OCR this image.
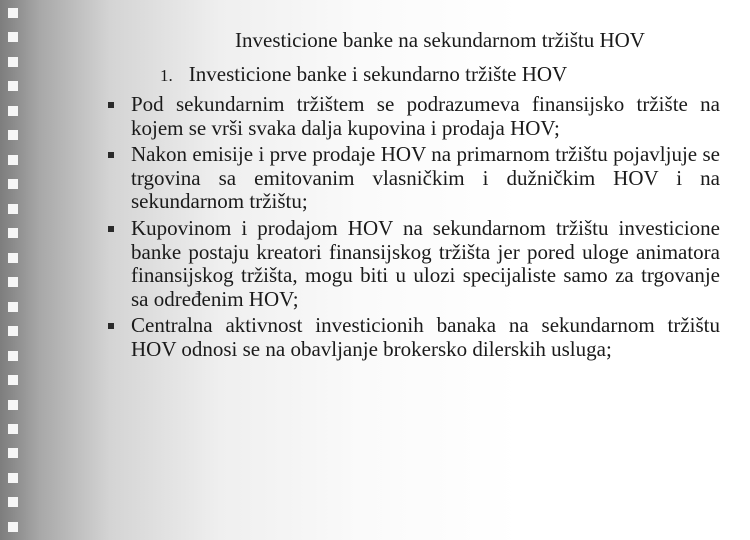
Investicione banke na sekundarnom tržištu HOV
1. Investicione banke i sekundarno tržište HOV
Pod sekundarnim tržištem se podrazumeva finansijsko tržište na kojem se vrši svaka dalja kupovina i prodaja HOV;
Nakon emisije i prve prodaje HOV na primarnom tržištu pojavljuje se trgovina sa emitovanim vlasničkim i dužničkim HOV i na sekundarnom tržištu;
Kupovinom i prodajom HOV na sekundarnom tržištu investicione banke postaju kreatori finansijskog tržišta jer pored uloge animatora finansijskog tržišta, mogu biti u ulozi specijaliste samo za trgovanje sa određenim HOV;
Centralna aktivnost investicionih banaka na sekundarnom tržištu HOV odnosi se na obavljanje brokersko dilerskih usluga;
